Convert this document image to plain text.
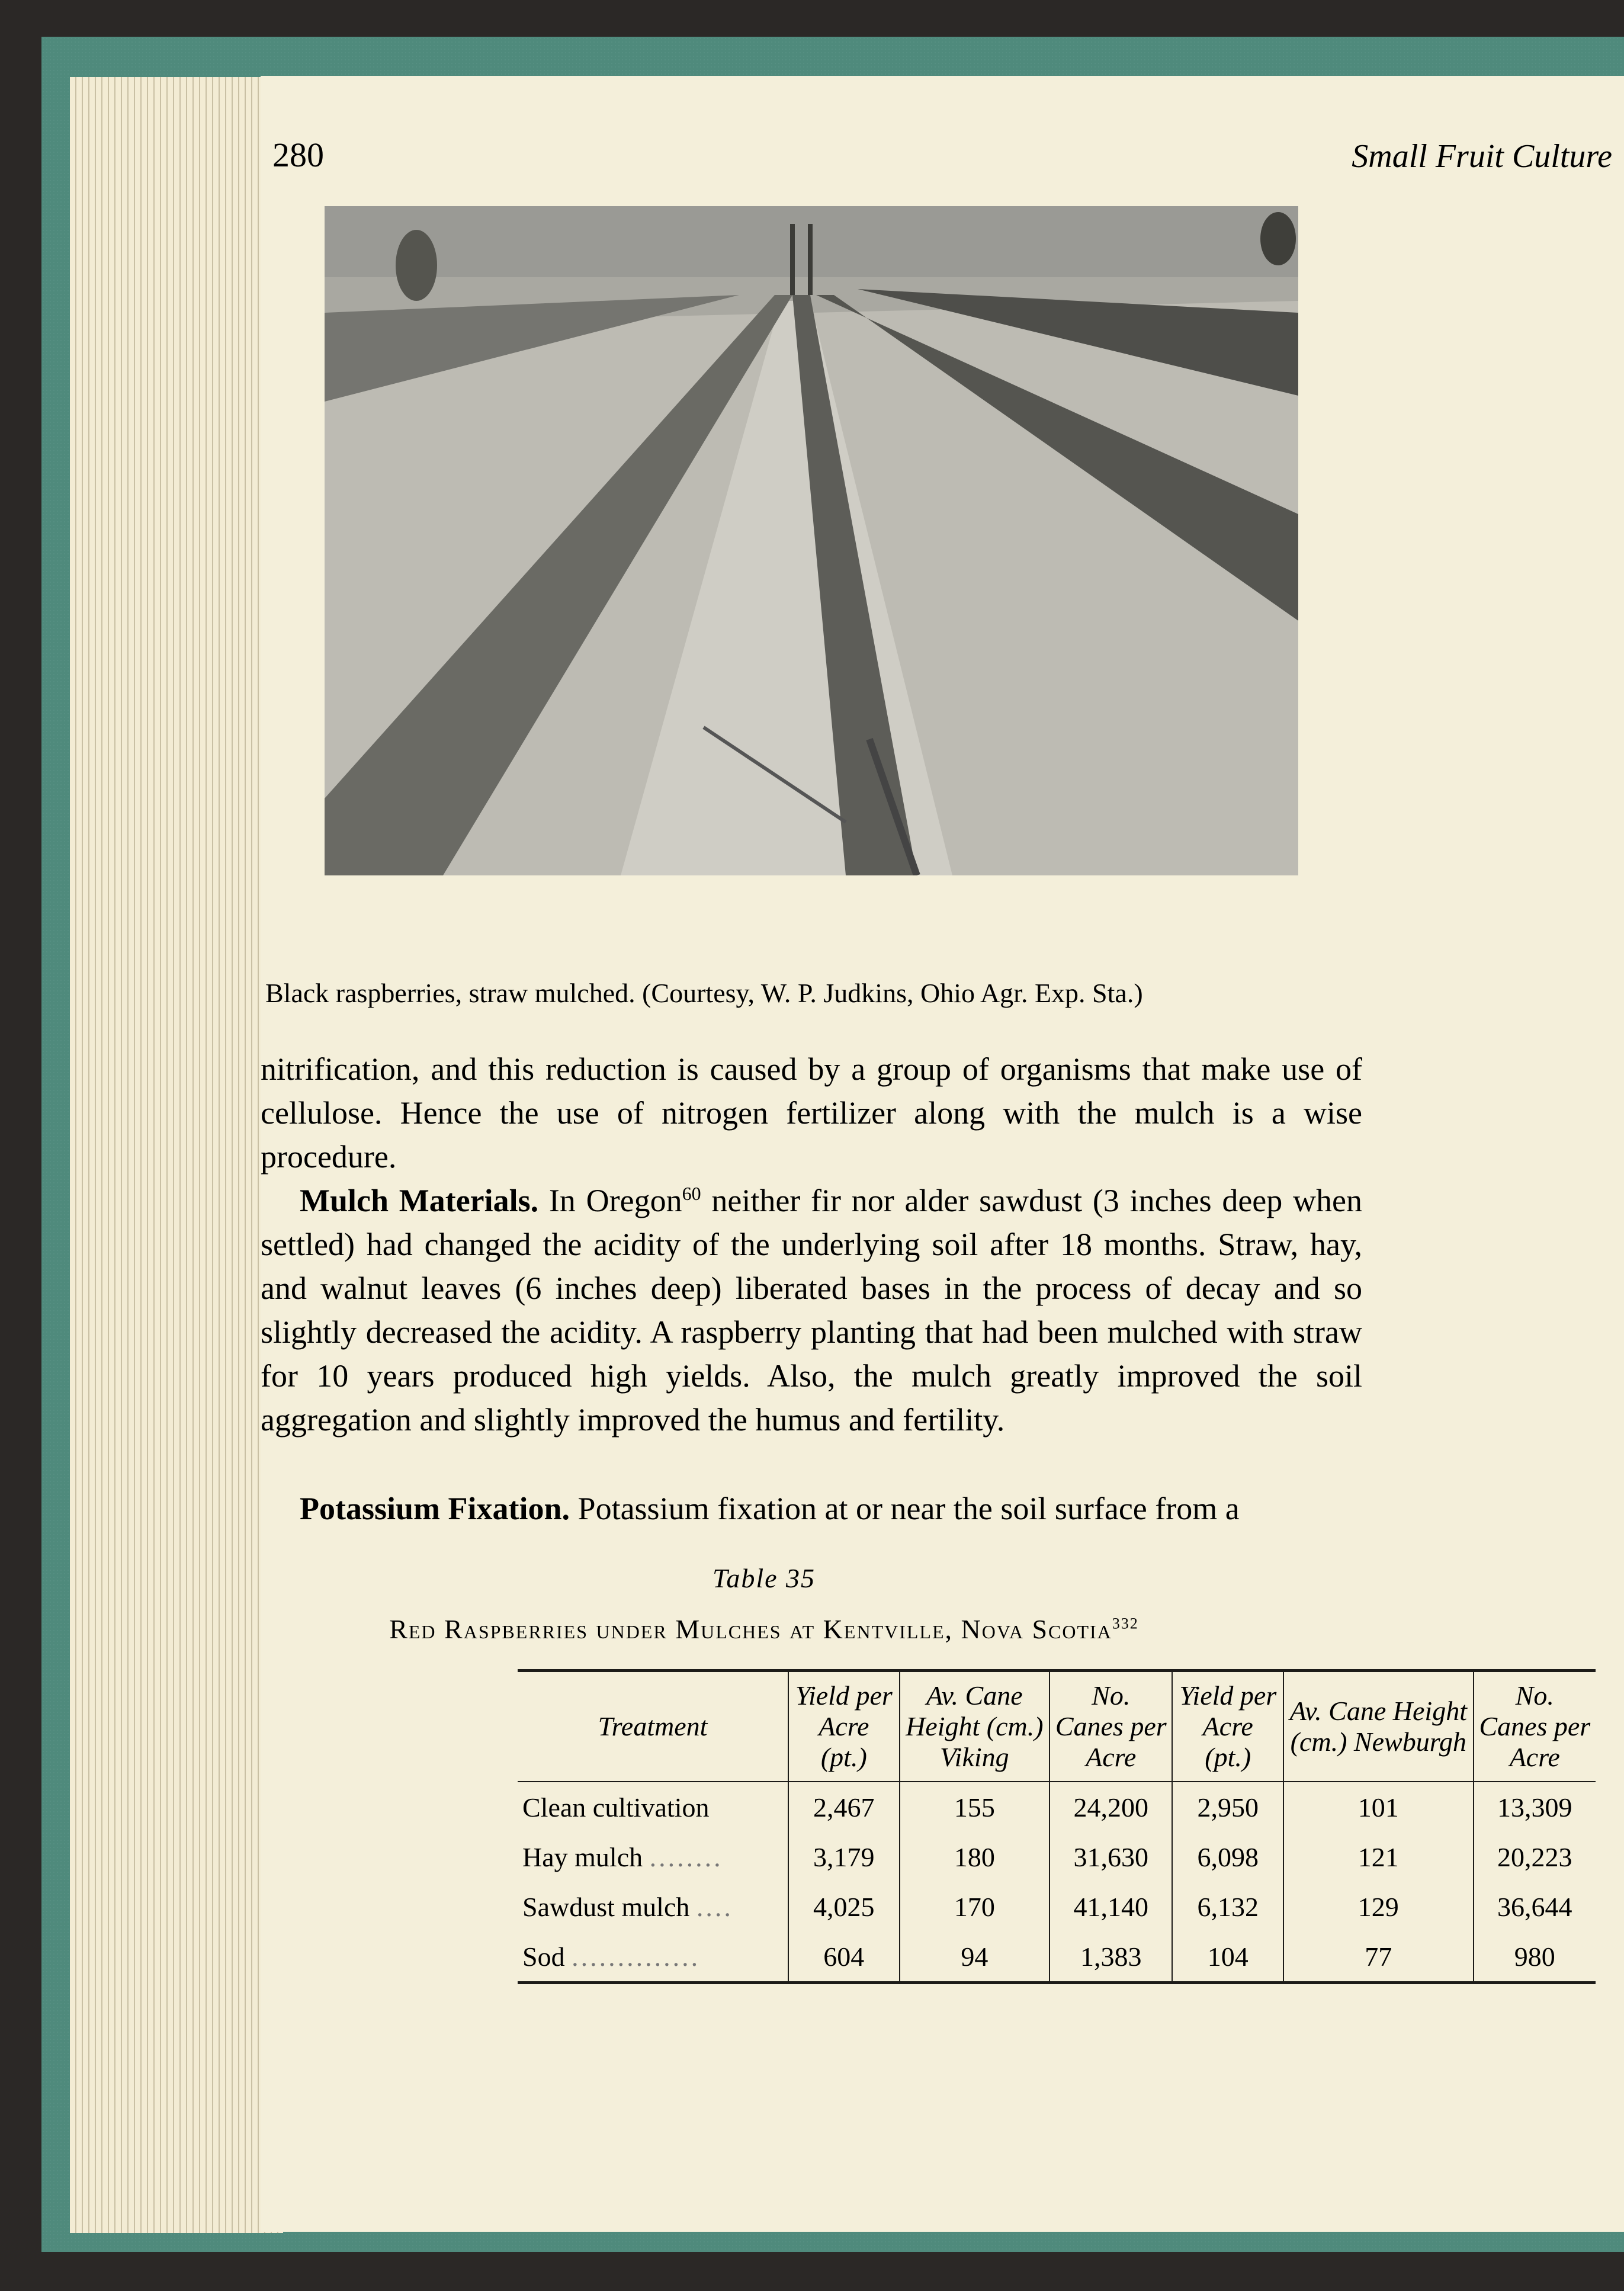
280	Small Fruit Culture
Black raspberries, straw mulched. (Courtesy, W. P. Judkins, Ohio Agr. Exp. Sta.)

nitrification, and this reduction is caused by a group of organisms that make use of cellulose. Hence the use of nitrogen fertilizer along with the mulch is a wise procedure.

Mulch Materials. In Oregon$^{60}$ neither fir nor alder sawdust (3 inches deep when settled) had changed the acidity of the underlying soil after 18 months. Straw, hay, and walnut leaves (6 inches deep) liberated bases in the process of decay and so slightly decreased the acidity. A raspberry planting that had been mulched with straw for 10 years produced high yields. Also, the mulch greatly improved the soil aggregation and slightly improved the humus and fertility.

Potassium Fixation. Potassium fixation at or near the soil surface from a

Table 35
Red Raspberries under Mulches at Kentville, Nova Scotia$^{332}$
Treatment	Yield per Acre (pt.)	Av. Cane Height (cm.) Viking	No. Canes per Acre	Yield per Acre (pt.)	Av. Cane Height (cm.) Newburgh	No. Canes per Acre
Clean cultivation	2,467	155	24,200	2,950	101	13,309
Hay mulch ........	3,179	180	31,630	6,098	121	20,223
Sawdust mulch ....	4,025	170	41,140	6,132	129	36,644
Sod ..............	604	94	1,383	104	77	980
